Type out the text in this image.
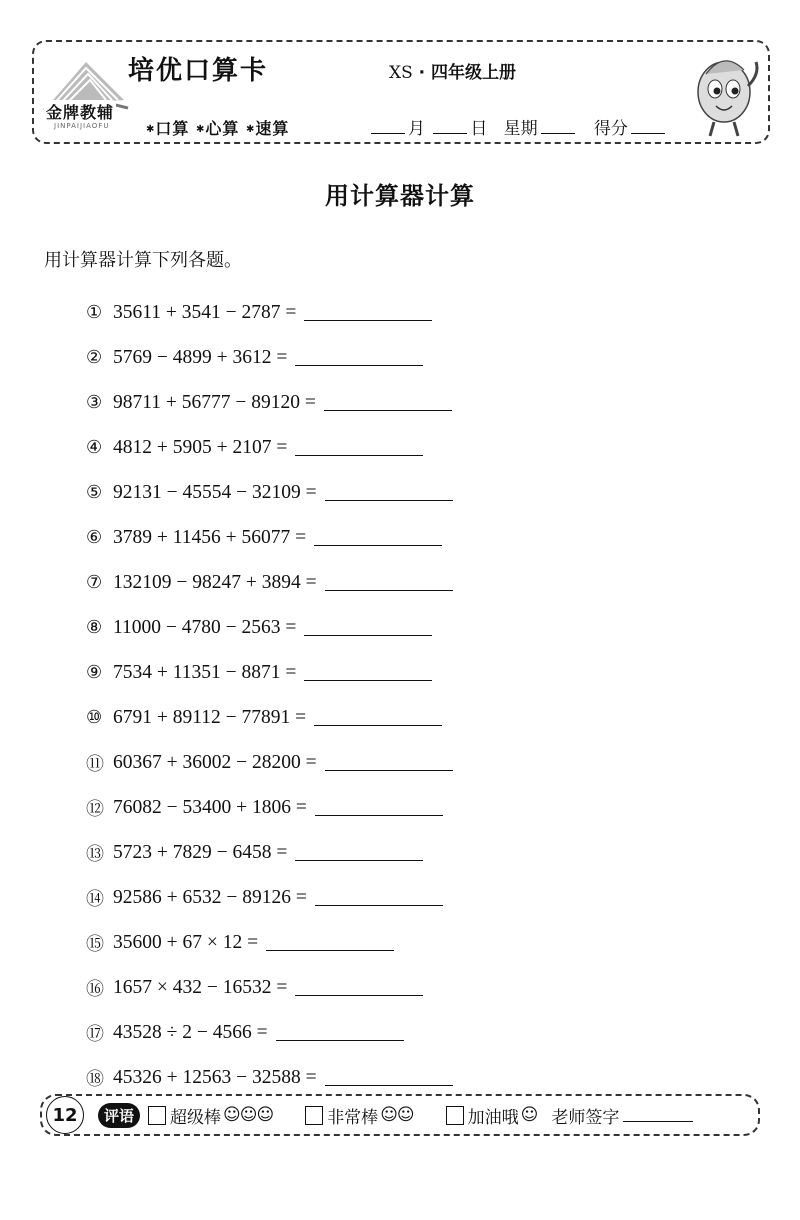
金牌教辅
JINPAIJIAOFU
培优口算卡	XS · 四年级上册
✱口算 ✱心算 ✱速算	月	日 星期	得分
用计算器计算
用计算器计算下列各题。
① 35611 + 3541 − 2787 =
② 5769 − 4899 + 3612 =
③ 98711 + 56777 − 89120 =
④ 4812 + 5905 + 2107 =
⑤ 92131 − 45554 − 32109 =
⑥ 3789 + 11456 + 56077 =
⑦ 132109 − 98247 + 3894 =
⑧ 11000 − 4780 − 2563 =
⑨ 7534 + 11351 − 8871 =
⑩ 6791 + 89112 − 77891 =
⑪ 60367 + 36002 − 28200 =
⑫ 76082 − 53400 + 1806 =
⑬ 5723 + 7829 − 6458 =
⑭ 92586 + 6532 − 89126 =
⑮ 35600 + 67 × 12 =
⑯ 1657 × 432 − 16532 =
⑰ 43528 ÷ 2 − 4566 =
⑱ 45326 + 12563 − 32588 =
12	评语	超级棒 ☺☺☺	非常棒 ☺☺	加油哦 ☺ 老师签字
